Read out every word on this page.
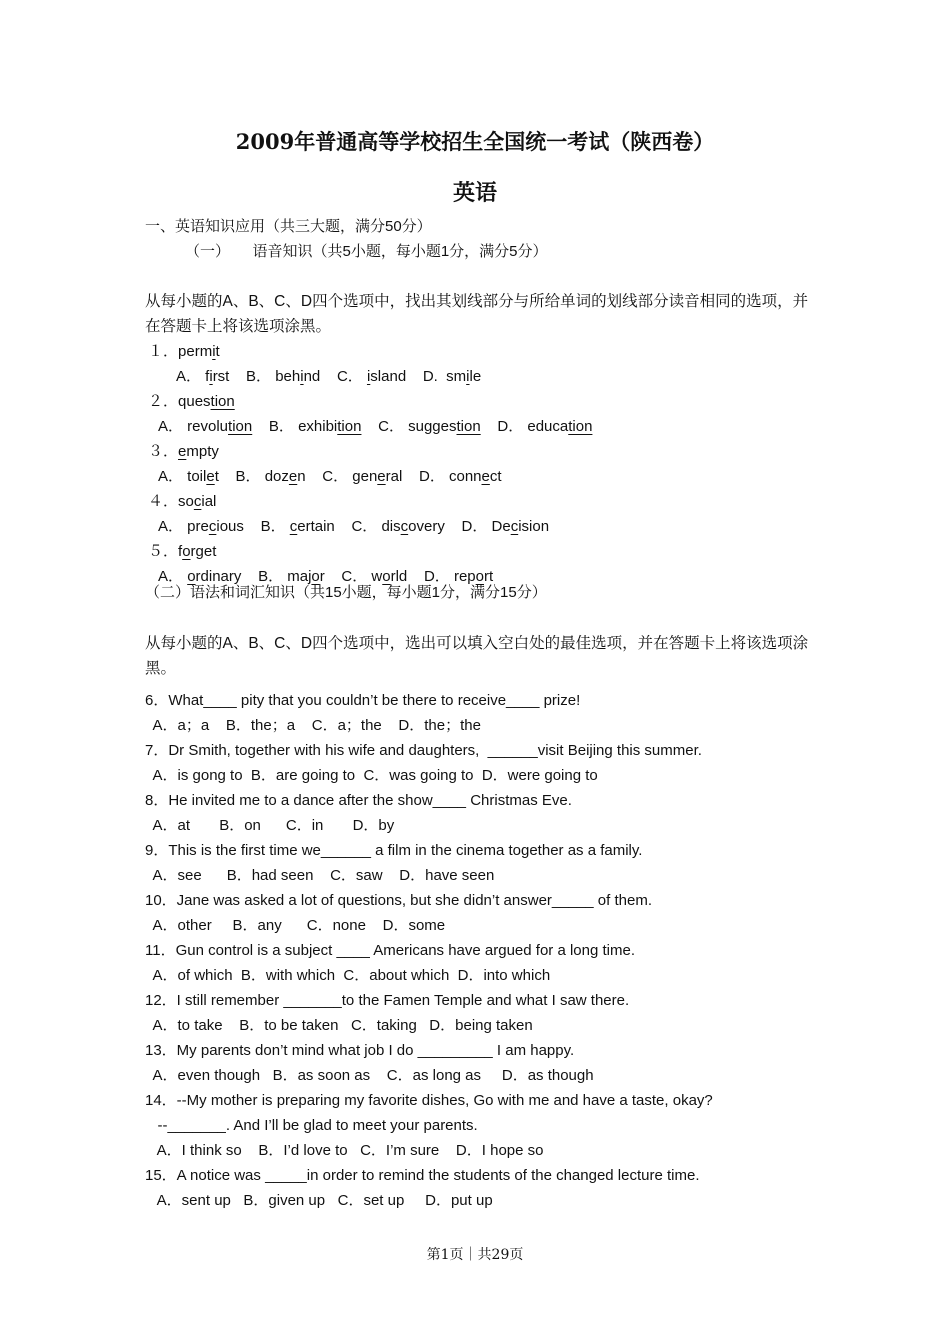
2009年普通高等学校招生全国统一考试（陕西卷）
英语
一、英语知识应用（共三大题，满分50分）
（一）　　语音知识（共5小题，每小题1分，满分5分）
从每小题的A、B、C、D四个选项中，找出其划线部分与所给单词的划线部分读音相同的选项，并在答题卡上将该选项涂黑。
１．permit
A． first B． behind C． island D.  smile
２．question
A． revolution B． exhibition C． suggestion D． education
３．empty
A． toilet B． dozen C． general D． connect
４．social
A． precious B． certain C． discovery D． Decision
５．forget
A． ordinary B． major C． world D． report
（二）语法和词汇知识（共15小题，每小题1分，满分15分）
从每小题的A、B、C、D四个选项中，选出可以填入空白处的最佳选项，并在答题卡上将该选项涂黑。
6．What____ pity that you couldn’t be there to receive____ prize!
A．a；a    B．the；a    C．a；the    D．the；the
7．Dr Smith, together with his wife and daughters,  ______visit Beijing this summer.
A．is gong to  B．are going to  C．was going to  D．were going to
8．He invited me to a dance after the show____ Christmas Eve.
A．at       B．on      C．in       D．by
9．This is the first time we______ a film in the cinema together as a family.
A．see      B．had seen    C．saw    D．have seen
10．Jane was asked a lot of questions, but she didn’t answer_____ of them.
A．other     B．any      C．none    D．some
11．Gun control is a subject ____ Americans have argued for a long time.
A．of which  B．with which  C．about which  D．into which
12．I still remember _______to the Famen Temple and what I saw there.
A．to take    B．to be taken   C．taking   D．being taken
13．My parents don’t mind what job I do _________ I am happy.
A．even though   B．as soon as    C．as long as     D．as though
14．--My mother is preparing my favorite dishes, Go with me and have a taste, okay?
--_______. And I’ll be glad to meet your parents.
A．I think so    B．I’d love to   C．I’m sure    D．I hope so
15．A notice was _____in order to remind the students of the changed lecture time.
A．sent up   B．given up   C．set up     D．put up
第1页｜共29页
